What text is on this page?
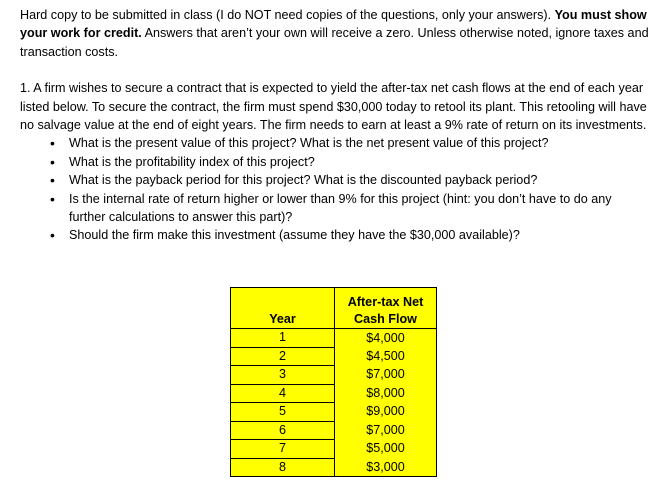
Hard copy to be submitted in class (I do NOT need copies of the questions, only your answers). You must show your work for credit. Answers that aren’t your own will receive a zero. Unless otherwise noted, ignore taxes and transaction costs.

1. A firm wishes to secure a contract that is expected to yield the after-tax net cash flows at the end of each year listed below. To secure the contract, the firm must spend $30,000 today to retool its plant. This retooling will have no salvage value at the end of eight years. The firm needs to earn at least a 9% rate of return on its investments.

• What is the present value of this project? What is the net present value of this project?
• What is the profitability index of this project?
• What is the payback period for this project? What is the discounted payback period?
• Is the internal rate of return higher or lower than 9% for this project (hint: you don’t have to do any further calculations to answer this part)?
• Should the firm make this investment (assume they have the $30,000 available)?
Year	After-tax Net
Cash Flow

1	$4,000
2	$4,500
3	$7,000
4	$8,000
5	$9,000
6	$7,000
7	$5,000
8	$3,000
